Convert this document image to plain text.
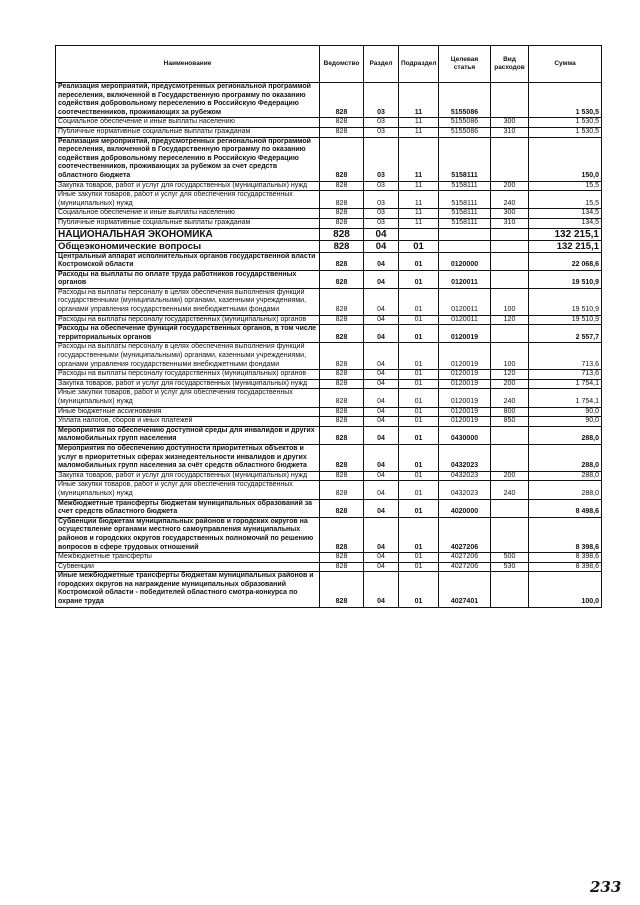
Наименование	Ведомство	Раздел	Подраздел	Целевая статья	Вид расходов	Сумма
Реализация мероприятий, предусмотренных региональной программой переселения, включенной в Государственную программу по оказанию содействия добровольному переселению в Российскую Федерацию соотечественников, проживающих за рубежом	828	03	11	5155086		1 530,5
Социальное обеспечение и иные выплаты населению	828	03	11	5155086	300	1 530,5
Публичные нормативные социальные выплаты гражданам	828	03	11	5155086	310	1 530,5
Реализация мероприятий, предусмотренных региональной программой переселения, включенной в Государственную программу по оказанию содействия добровольному переселению в Российскую Федерацию соотечественников, проживающих за рубежом за счет средств областного бюджета	828	03	11	5158111		150,0
Закупка товаров, работ и услуг для государственных (муниципальных) нужд	828	03	11	5158111	200	15,5
Иные закупки товаров, работ и услуг для обеспечения государственных (муниципальных) нужд	828	03	11	5158111	240	15,5
Социальное обеспечение и иные выплаты населению	828	03	11	5158111	300	134,5
Публичные нормативные социальные выплаты гражданам	828	03	11	5158111	310	134,5
НАЦИОНАЛЬНАЯ ЭКОНОМИКА	828	04				132 215,1
Общеэкономические вопросы	828	04	01			132 215,1
Центральный аппарат исполнительных органов государственной власти Костромской области	828	04	01	0120000		22 068,6
Расходы на выплаты по оплате труда работников государственных органов	828	04	01	0120011		19 510,9
Расходы на выплаты персоналу в целях обеспечения выполнения функций государственными (муниципальными) органами, казенными учреждениями, органами управления государственными внебюджетными фондами	828	04	01	0120011	100	19 510,9
Расходы на выплаты персоналу государственных (муниципальных) органов	828	04	01	0120011	120	19 510,9
Расходы на обеспечение функций государственных органов, в том числе территориальных органов	828	04	01	0120019		2 557,7
Расходы на выплаты персоналу в целях обеспечения выполнения функций государственными (муниципальными) органами, казенными учреждениями, органами управления государственными внебюджетными фондами	828	04	01	0120019	100	713,6
Расходы на выплаты персоналу государственных (муниципальных) органов	828	04	01	0120019	120	713,6
Закупка товаров, работ и услуг для государственных (муниципальных) нужд	828	04	01	0120019	200	1 754,1
Иные закупки товаров, работ и услуг для обеспечения государственных (муниципальных) нужд	828	04	01	0120019	240	1 754,1
Иные бюджетные ассигнования	828	04	01	0120019	800	90,0
Уплата налогов, сборов и иных платежей	828	04	01	0120019	850	90,0
Мероприятия по обеспечению доступной среды для инвалидов и других маломобильных групп населения	828	04	01	0430000		288,0
Мероприятия по обеспечению доступности приоритетных объектов и услуг в приоритетных сферах жизнедеятельности инвалидов и других маломобильных групп населения за счёт средств областного бюджета	828	04	01	0432023		288,0
Закупка товаров, работ и услуг для государственных (муниципальных) нужд	828	04	01	0432023	200	288,0
Иные закупки товаров, работ и услуг для обеспечения государственных (муниципальных) нужд	828	04	01	0432023	240	288,0
Межбюджетные трансферты бюджетам муниципальных образований за счет средств областного бюджета	828	04	01	4020000		8 498,6
Субвенции бюджетам муниципальных районов и городских округов на осуществление органами местного самоуправления муниципальных районов и городских округов государственных полномочий по решению вопросов в сфере трудовых отношений	828	04	01	4027206		8 398,6
Межбюджетные трансферты	828	04	01	4027206	500	8 398,6
Субвенции	828	04	01	4027206	530	8 398,6
Иные межбюджетные трансферты бюджетам муниципальных районов и городских округов на награждение муниципальных образований Костромской области - победителей областного смотра-конкурса по охране труда	828	04	01	4027401		100,0
233
